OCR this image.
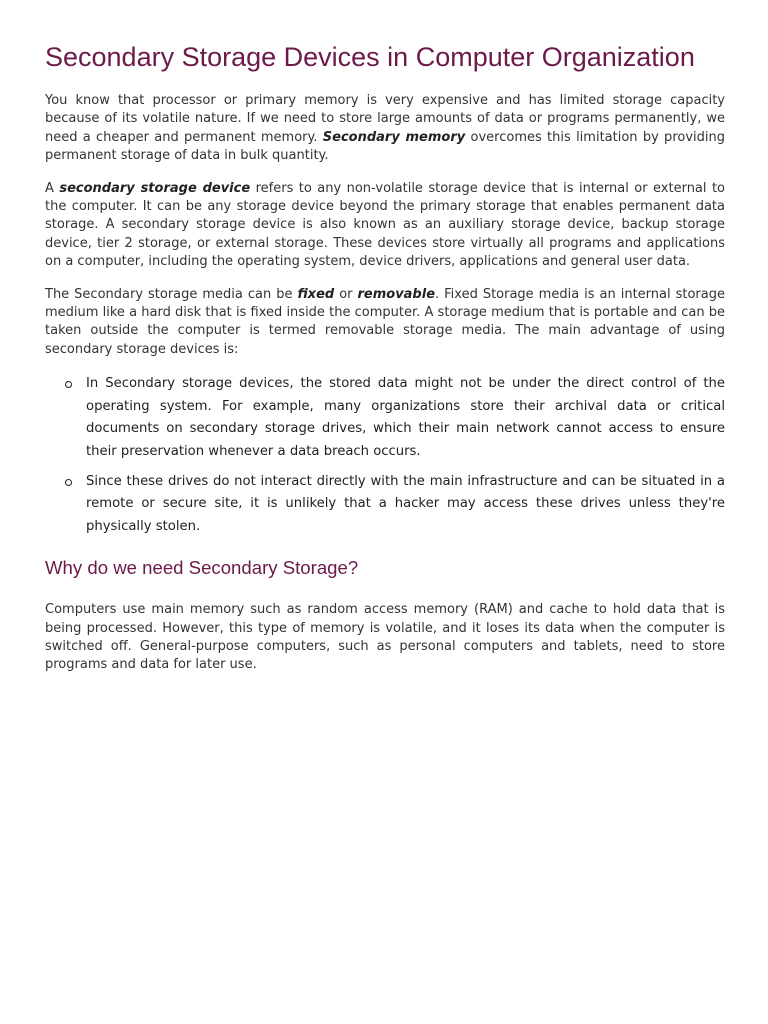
Secondary Storage Devices in Computer Organization

You know that processor or primary memory is very expensive and has limited storage capacity because of its volatile nature. If we need to store large amounts of data or programs permanently, we need a cheaper and permanent memory. Secondary memory overcomes this limitation by providing permanent storage of data in bulk quantity.

A secondary storage device refers to any non-volatile storage device that is internal or external to the computer. It can be any storage device beyond the primary storage that enables permanent data storage. A secondary storage device is also known as an auxiliary storage device, backup storage device, tier 2 storage, or external storage. These devices store virtually all programs and applications on a computer, including the operating system, device drivers, applications and general user data.

The Secondary storage media can be fixed or removable. Fixed Storage media is an internal storage medium like a hard disk that is fixed inside the computer. A storage medium that is portable and can be taken outside the computer is termed removable storage media. The main advantage of using secondary storage devices is:

In Secondary storage devices, the stored data might not be under the direct control of the operating system. For example, many organizations store their archival data or critical documents on secondary storage drives, which their main network cannot access to ensure their preservation whenever a data breach occurs.
Since these drives do not interact directly with the main infrastructure and can be situated in a remote or secure site, it is unlikely that a hacker may access these drives unless they're physically stolen.
Why do we need Secondary Storage?

Computers use main memory such as random access memory (RAM) and cache to hold data that is being processed. However, this type of memory is volatile, and it loses its data when the computer is switched off. General-purpose computers, such as personal computers and tablets, need to store programs and data for later use.
